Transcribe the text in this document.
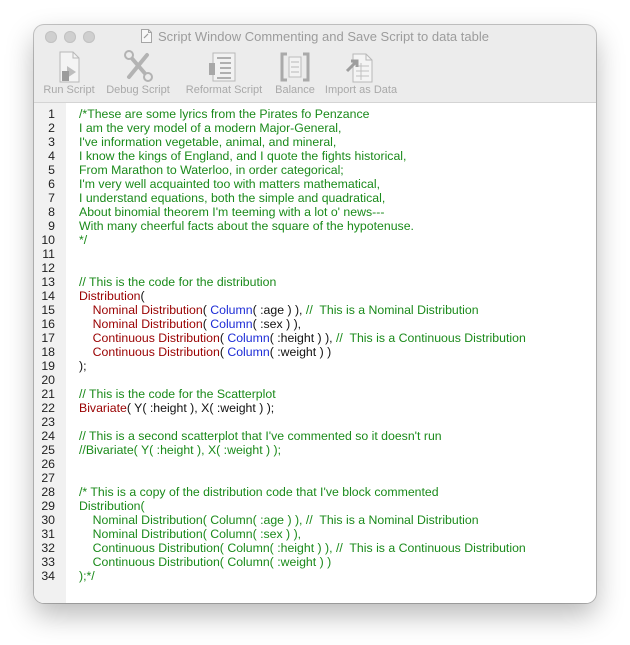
Script Window Commenting and Save Script to data table
Run Script	Debug Script	Reformat Script	Balance Import as Data
1 /*These are some lyrics from the Pirates fo Penzance
2 I am the very model of a modern Major-General,
3 I've information vegetable, animal, and mineral,
4 I know the kings of England, and I quote the fights historical,
5 From Marathon to Waterloo, in order categorical;
6 I'm very well acquainted too with matters mathematical,
7 I understand equations, both the simple and quadratical,
8 About binomial theorem I'm teeming with a lot o' news---
9 With many cheerful facts about the square of the hypotenuse.
10 */
11
12
13 // This is the code for the distribution
14 Distribution(
15	Nominal Distribution( Column( :age ) ), //  This is a Nominal Distribution
16	Nominal Distribution( Column( :sex ) ),
17	Continuous Distribution( Column( :height ) ), //  This is a Continuous Distribution
18	Continuous Distribution( Column( :weight ) )
19 );
20
21 // This is the code for the Scatterplot
22 Bivariate( Y( :height ), X( :weight ) );
23
24 // This is a second scatterplot that I've commented so it doesn't run
25 //Bivariate( Y( :height ), X( :weight ) );
26
27
28 /* This is a copy of the distribution code that I've block commented
29 Distribution(
30 Nominal Distribution( Column( :age ) ), //  This is a Nominal Distribution
31 Nominal Distribution( Column( :sex ) ),
32 Continuous Distribution( Column( :height ) ), //  This is a Continuous Distribution
33 Continuous Distribution( Column( :weight ) )
34 );*/
